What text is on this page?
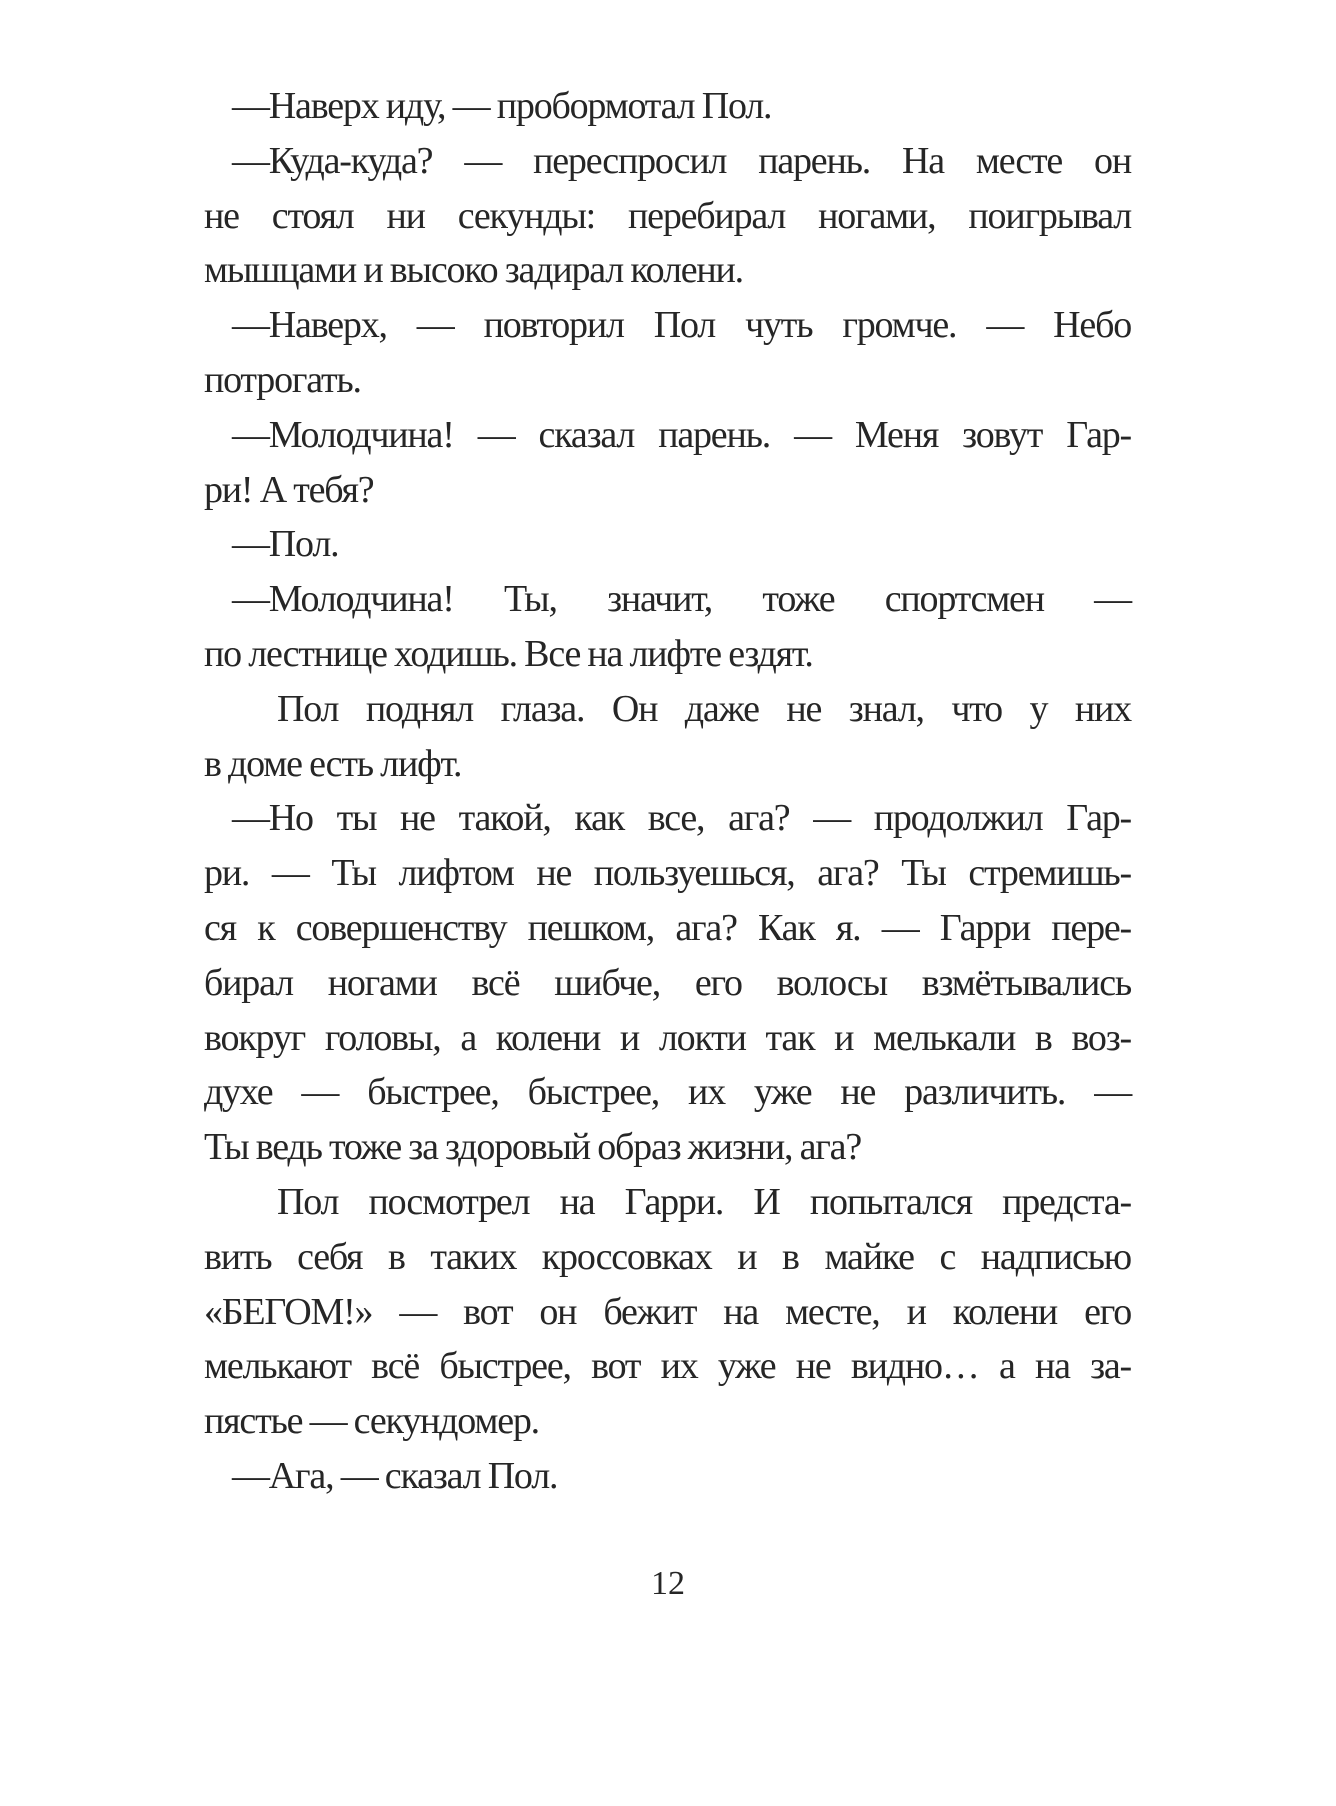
—Наверх иду, — пробормотал Пол.
—Куда-куда? — переспросил парень. На месте он
не стоял ни секунды: перебирал ногами, поигрывал
мышцами и высоко задирал колени.
—Наверх, — повторил Пол чуть громче. — Небо
потрогать.
—Молодчина! — сказал парень. — Меня зовут Гар-
ри! А тебя?
—Пол.
—Молодчина! Ты, значит, тоже спортсмен —
по лестнице ходишь. Все на лифте ездят.
Пол поднял глаза. Он даже не знал, что у них
в доме есть лифт.
—Но ты не такой, как все, ага? — продолжил Гар-
ри. — Ты лифтом не пользуешься, ага? Ты стремишь-
ся к совершенству пешком, ага? Как я. — Гарри пере-
бирал ногами всё шибче, его волосы взмётывались
вокруг головы, а колени и локти так и мелькали в воз-
духе — быстрее, быстрее, их уже не различить. —
Ты ведь тоже за здоровый образ жизни, ага?
Пол посмотрел на Гарри. И попытался предста-
вить себя в таких кроссовках и в майке с надписью
«БЕГОМ!» — вот он бежит на месте, и колени его
мелькают всё быстрее, вот их уже не видно… а на за-
пястье — секундомер.
—Ага, — сказал Пол.
12
